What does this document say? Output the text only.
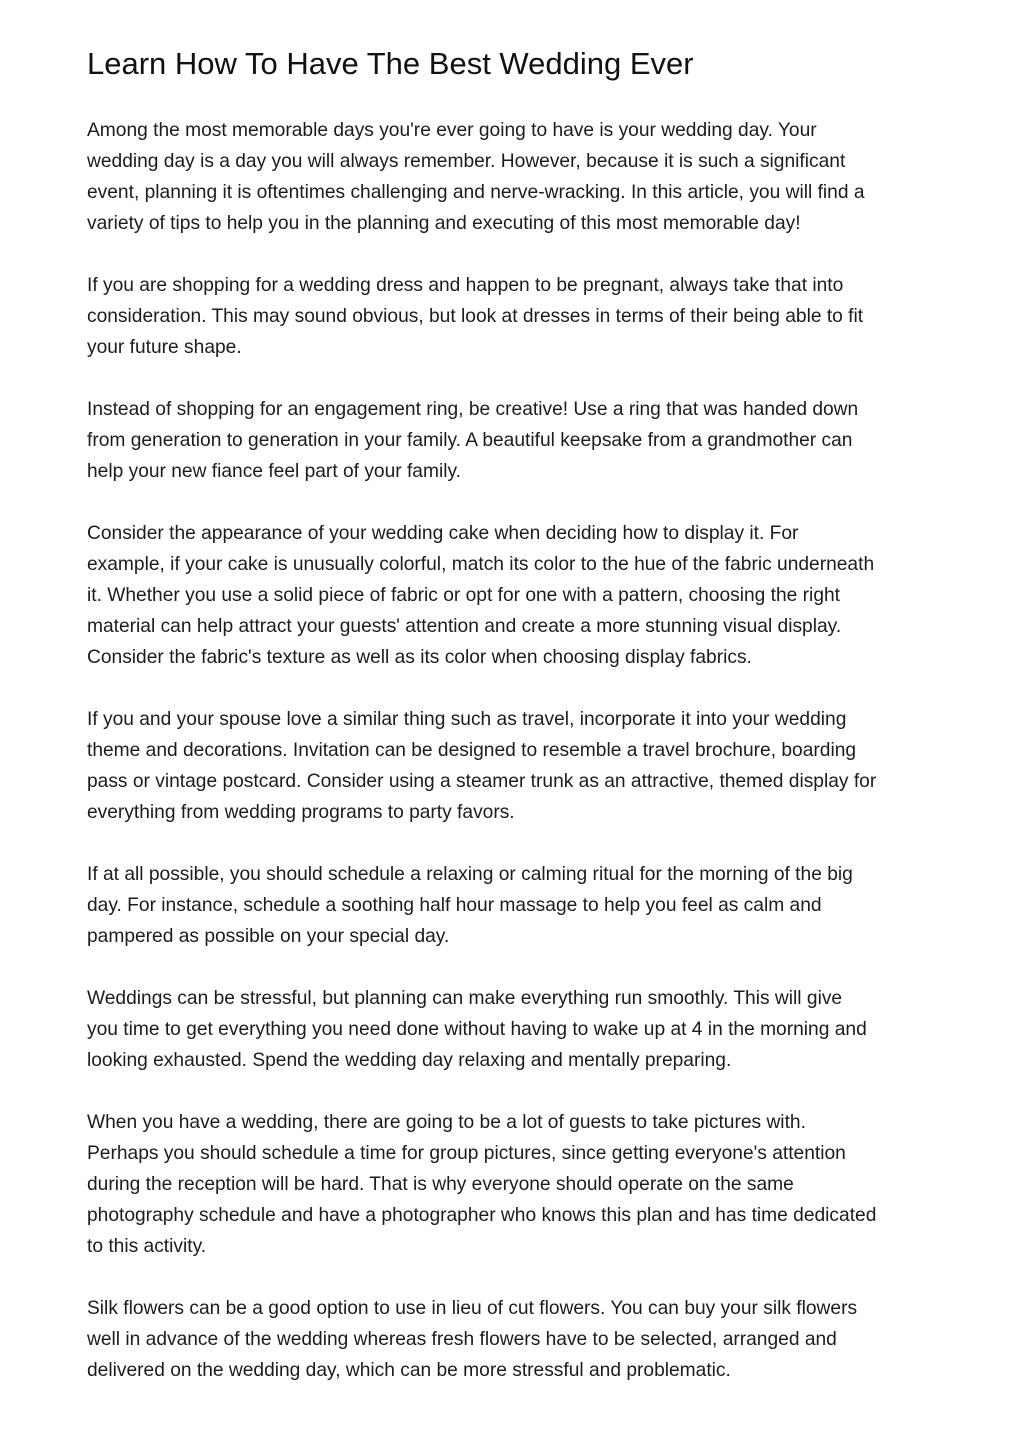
Learn How To Have The Best Wedding Ever

Among the most memorable days you're ever going to have is your wedding day. Your
wedding day is a day you will always remember. However, because it is such a significant
event, planning it is oftentimes challenging and nerve-wracking. In this article, you will find a
variety of tips to help you in the planning and executing of this most memorable day!

If you are shopping for a wedding dress and happen to be pregnant, always take that into
consideration. This may sound obvious, but look at dresses in terms of their being able to fit
your future shape.

Instead of shopping for an engagement ring, be creative! Use a ring that was handed down
from generation to generation in your family. A beautiful keepsake from a grandmother can
help your new fiance feel part of your family.

Consider the appearance of your wedding cake when deciding how to display it. For
example, if your cake is unusually colorful, match its color to the hue of the fabric underneath
it. Whether you use a solid piece of fabric or opt for one with a pattern, choosing the right
material can help attract your guests' attention and create a more stunning visual display.
Consider the fabric's texture as well as its color when choosing display fabrics.

If you and your spouse love a similar thing such as travel, incorporate it into your wedding
theme and decorations. Invitation can be designed to resemble a travel brochure, boarding
pass or vintage postcard. Consider using a steamer trunk as an attractive, themed display for
everything from wedding programs to party favors.

If at all possible, you should schedule a relaxing or calming ritual for the morning of the big
day. For instance, schedule a soothing half hour massage to help you feel as calm and
pampered as possible on your special day.

Weddings can be stressful, but planning can make everything run smoothly. This will give
you time to get everything you need done without having to wake up at 4 in the morning and
looking exhausted. Spend the wedding day relaxing and mentally preparing.

When you have a wedding, there are going to be a lot of guests to take pictures with.
Perhaps you should schedule a time for group pictures, since getting everyone's attention
during the reception will be hard. That is why everyone should operate on the same
photography schedule and have a photographer who knows this plan and has time dedicated
to this activity.

Silk flowers can be a good option to use in lieu of cut flowers. You can buy your silk flowers
well in advance of the wedding whereas fresh flowers have to be selected, arranged and
delivered on the wedding day, which can be more stressful and problematic.
